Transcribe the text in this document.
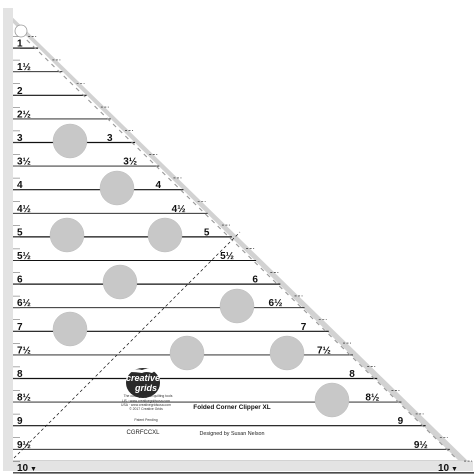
1
1½
2
2½
3
3½
4
4½
5
5½
6
6½
7
7½
8
8½
9
9½
3
3½
4
4½
5
5½
6
6½
7
7½
8
8½
9
9½
creative
grids
The cutting edge of quilting tools
US · www.creativegridsusa.com
USA · www.creativegridsusa.com
© 2017 Creative Grids
Patent Pending
CGRFCCXL
Folded Corner Clipper XL
Designed by Susan Nelson
10 ▼	10 ▼
